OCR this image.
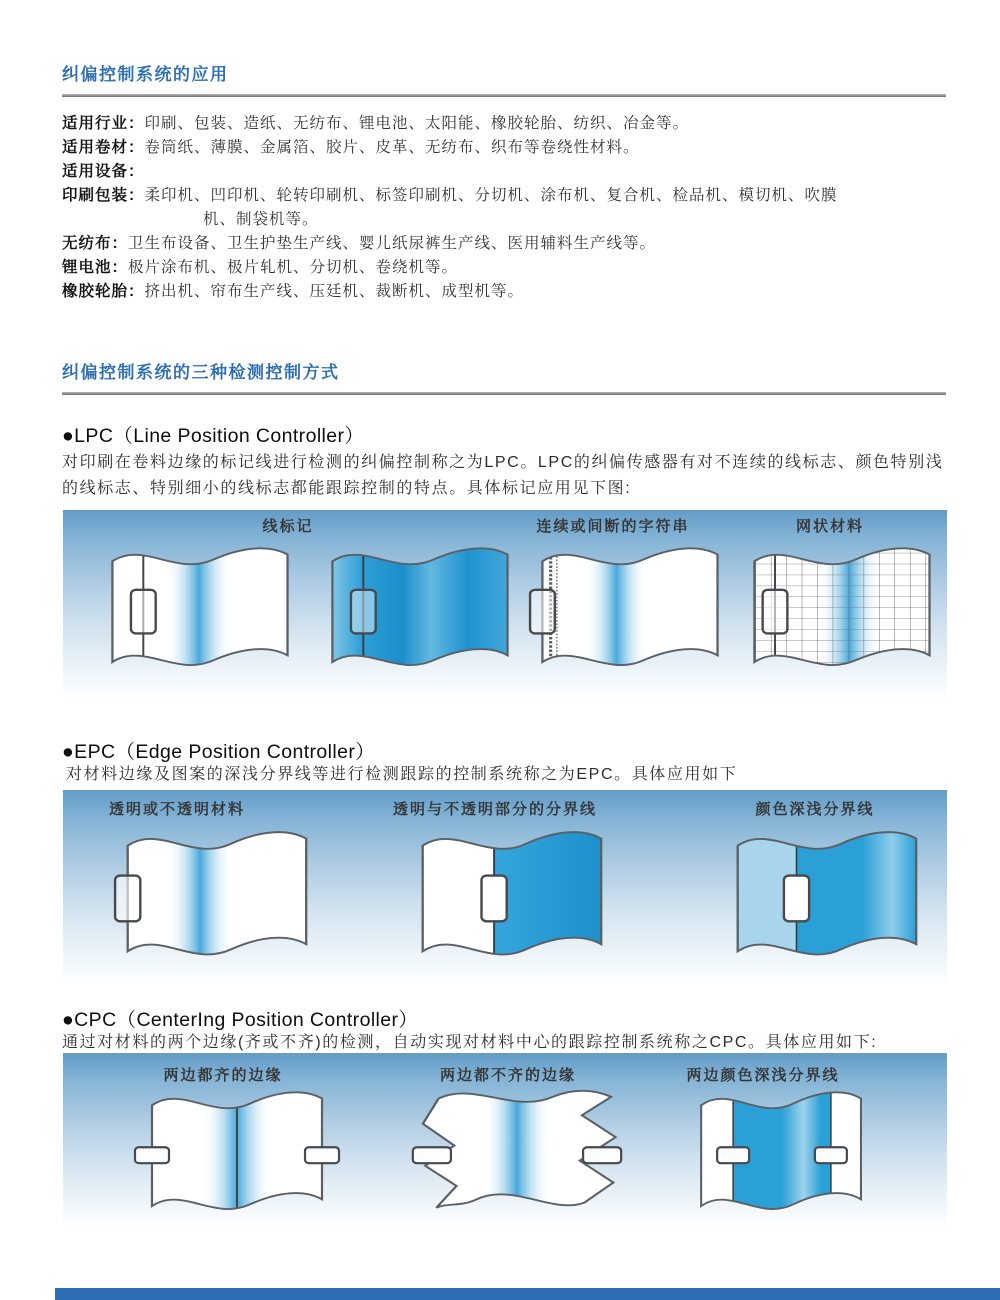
纠偏控制系统的应用
适用行业：印刷、包装、造纸、无纺布、锂电池、太阳能、橡胶轮胎、纺织、冶金等。
适用卷材：卷筒纸、薄膜、金属箔、胶片、皮革、无纺布、织布等卷绕性材料。
适用设备：
印刷包装：柔印机、凹印机、轮转印刷机、标签印刷机、分切机、涂布机、复合机、检品机、模切机、吹膜
机、制袋机等。
无纺布：卫生布设备、卫生护垫生产线、婴儿纸尿裤生产线、医用辅料生产线等。
锂电池：极片涂布机、极片轧机、分切机、卷绕机等。
橡胶轮胎：挤出机、帘布生产线、压廷机、裁断机、成型机等。
纠偏控制系统的三种检测控制方式
●LPC（Line Position Controller）
对印刷在卷料边缘的标记线进行检测的纠偏控制称之为LPC。LPC的纠偏传感器有对不连续的线标志、颜色特别浅的线标志、特别细小的线标志都能跟踪控制的特点。具体标记应用见下图:
线标记	连续或间断的字符串	网状材料
●EPC（Edge Position Controller）
对材料边缘及图案的深浅分界线等进行检测跟踪的控制系统称之为EPC。具体应用如下
透明或不透明材料	透明与不透明部分的分界线	颜色深浅分界线
●CPC（CenterIng Position Controller）
通过对材料的两个边缘(齐或不齐)的检测，自动实现对材料中心的跟踪控制系统称之CPC。具体应用如下:
两边都齐的边缘	两边都不齐的边缘	两边颜色深浅分界线
